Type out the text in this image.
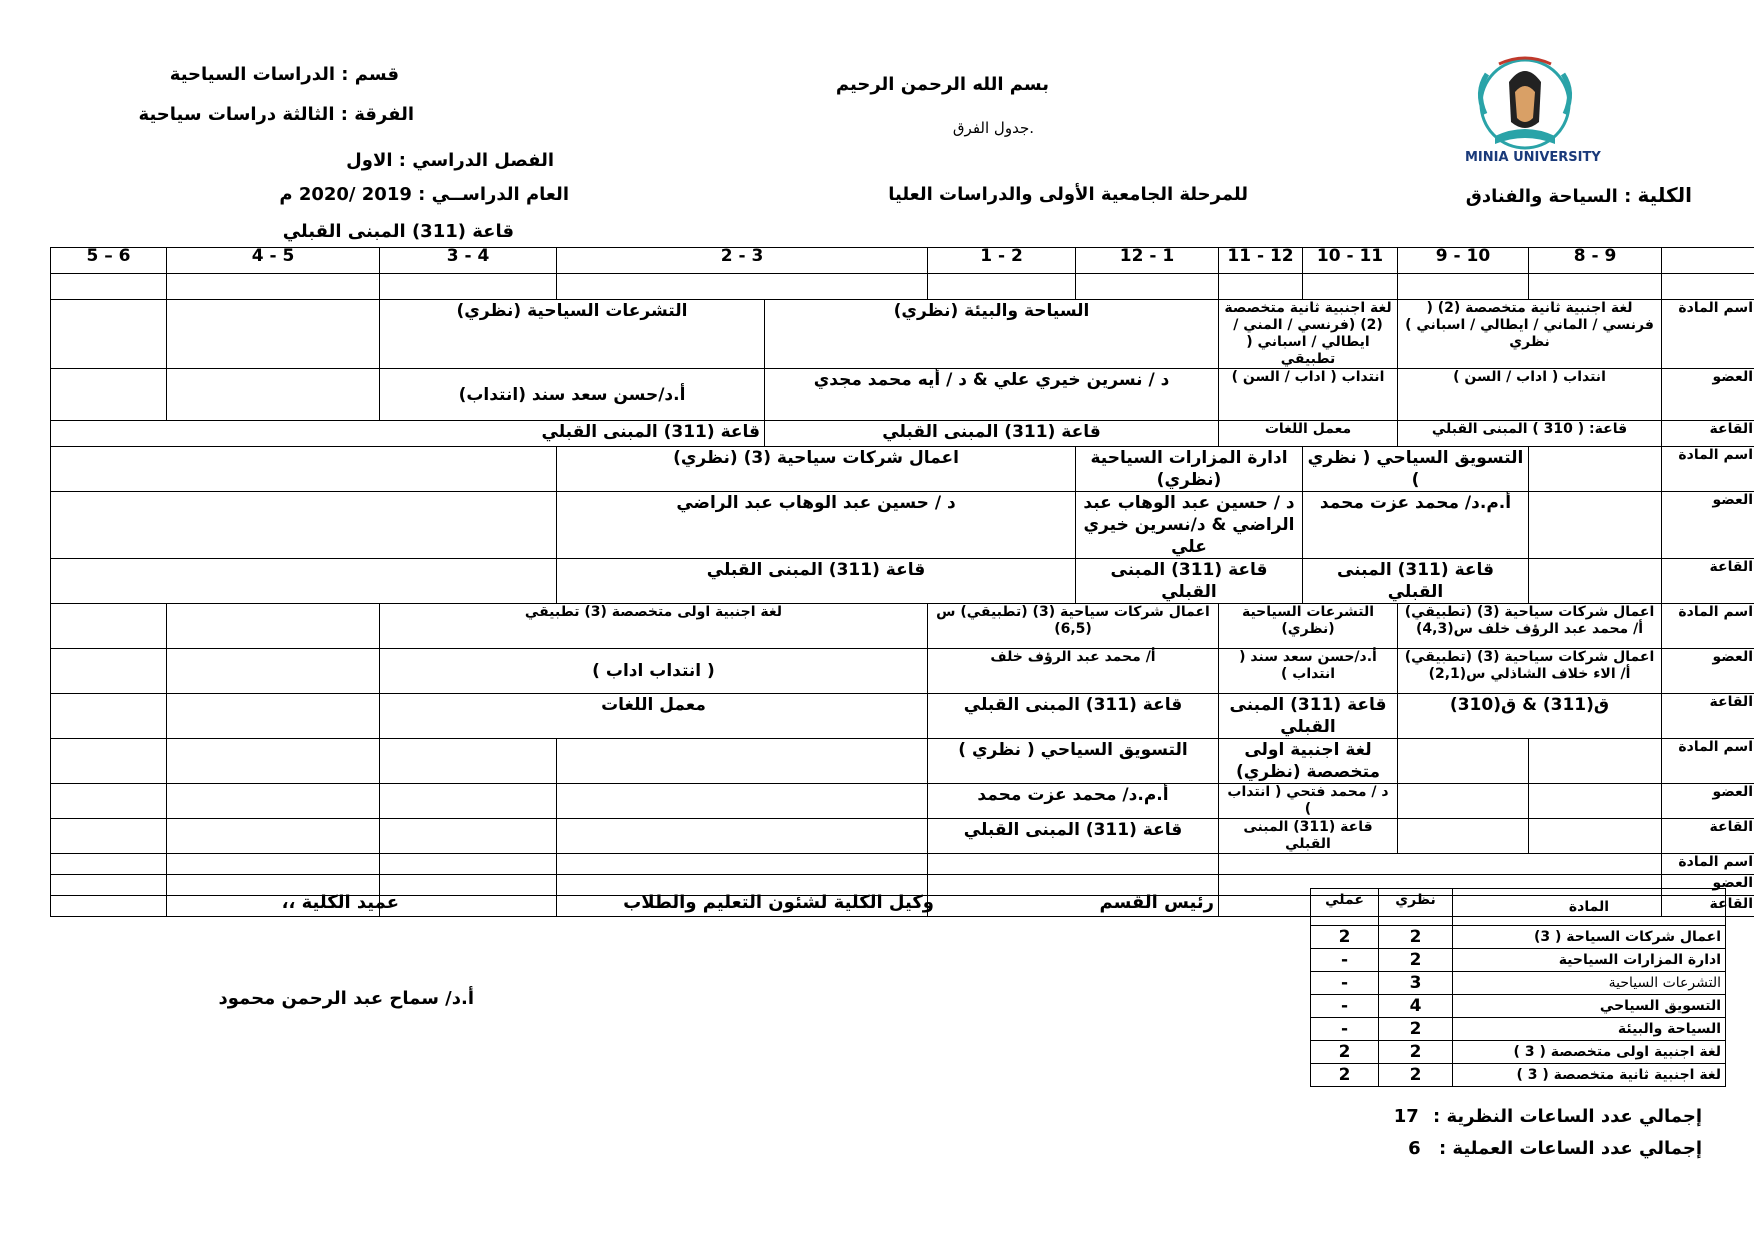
MINIA UNIVERSITY
قسم : الدراسات السياحية
الفرقة : الثالثة دراسات سياحية
الفصل الدراسي : الاول
العام الدراســي : 2019 /2020 م
قاعة (311) المبنى القبلي
بسم الله الرحمن الرحيم
.جدول الفرق
للمرحلة الجامعية الأولى والدراسات العليا	الكلية : السياحة والفنادق
	9 - 8	10 - 9	11 - 10	12 - 11	1 - 12	2 - 1	3 - 2		4 - 3	5 - 4	6 – 5

	اسم المادة	لغة اجنبية ثانية متخصصة (2) ( فرنسي / الماني / ايطالي / اسباني ) نظري		لغة اجنبية ثانية متخصصة (2) (فرنسي / المني / ايطالي / اسباني ( تطبيقي		السياحة والبيئة (نظري)			التشرعات السياحية (نظري)			
	العضو	انتداب ( اداب / السن )		انتداب ( اداب / السن )		د / نسرين خيري علي & د / أيه محمد مجدي			أ.د/حسن سعد سند (انتداب)			
	القاعة	قاعة: ( 310 ) المبنى القبلي		معمل اللغات		قاعة (311) المبنى القبلي			قاعة (311) المبنى القبلي			
	اسم المادة		التسويق السياحي ( نظري )		ادارة المزارات السياحية (نظري)		اعمال شركات سياحية (3) (نظري)					
	العضو		أ.م.د/ محمد عزت محمد		د / حسين عبد الوهاب عبد الراضي & د/نسرين خيري علي		د / حسين عبد الوهاب عبد الراضي					
	القاعة		قاعة (311) المبنى القبلي		قاعة (311) المبنى القبلي		قاعة (311) المبنى القبلي					
	اسم المادة	اعمال شركات سياحية (3) (تطبيقي) أ/ محمد عبد الرؤف خلف س(4,3)		التشرعات السياحية (نظري)		اعمال شركات سياحية (3) (تطبيقي) س (6,5)		لغة اجنبية اولى متخصصة (3) تطبيقي				
	العضو	اعمال شركات سياحية (3) (تطبيقي) أ/ الاء خلاف الشاذلي س(2,1)		أ.د/حسن سعد سند ( انتداب )		أ/ محمد عبد الرؤف خلف		( انتداب اداب )				
	القاعة	ق(311) & ق(310)		قاعة (311) المبنى القبلي		قاعة (311) المبنى القبلي		معمل اللغات				
	اسم المادة			لغة اجنبية اولى متخصصة (نظري)		التسويق السياحي ( نظري )						
	العضو			د / محمد فتحي ( انتداب )		أ.م.د/ محمد عزت محمد						
	القاعة			قاعة (311) المبنى القبلي		قاعة (311) المبنى القبلي						
	اسم المادة											
	العضو											
	القاعة											
رئيس القسم
وكيل الكلية لشئون التعليم والطلاب
عميد الكلية ،،
أ.د/ سماح عبد الرحمن محمود
المادة	نظري	عملي
اعمال شركات السياحة ( 3)	2	2
ادارة المزارات السياحية	2	-
التشرعات السياحية	3	-
التسويق السياحي	4	-
السياحة والبيئة	2	-
لغة اجنبية اولى متخصصة ( 3 )	2	2
لغة اجنبية ثانية متخصصة ( 3 )	2	2
إجمالي عدد الساعات النظرية : 17
إجمالي عدد الساعات العملية : 6
